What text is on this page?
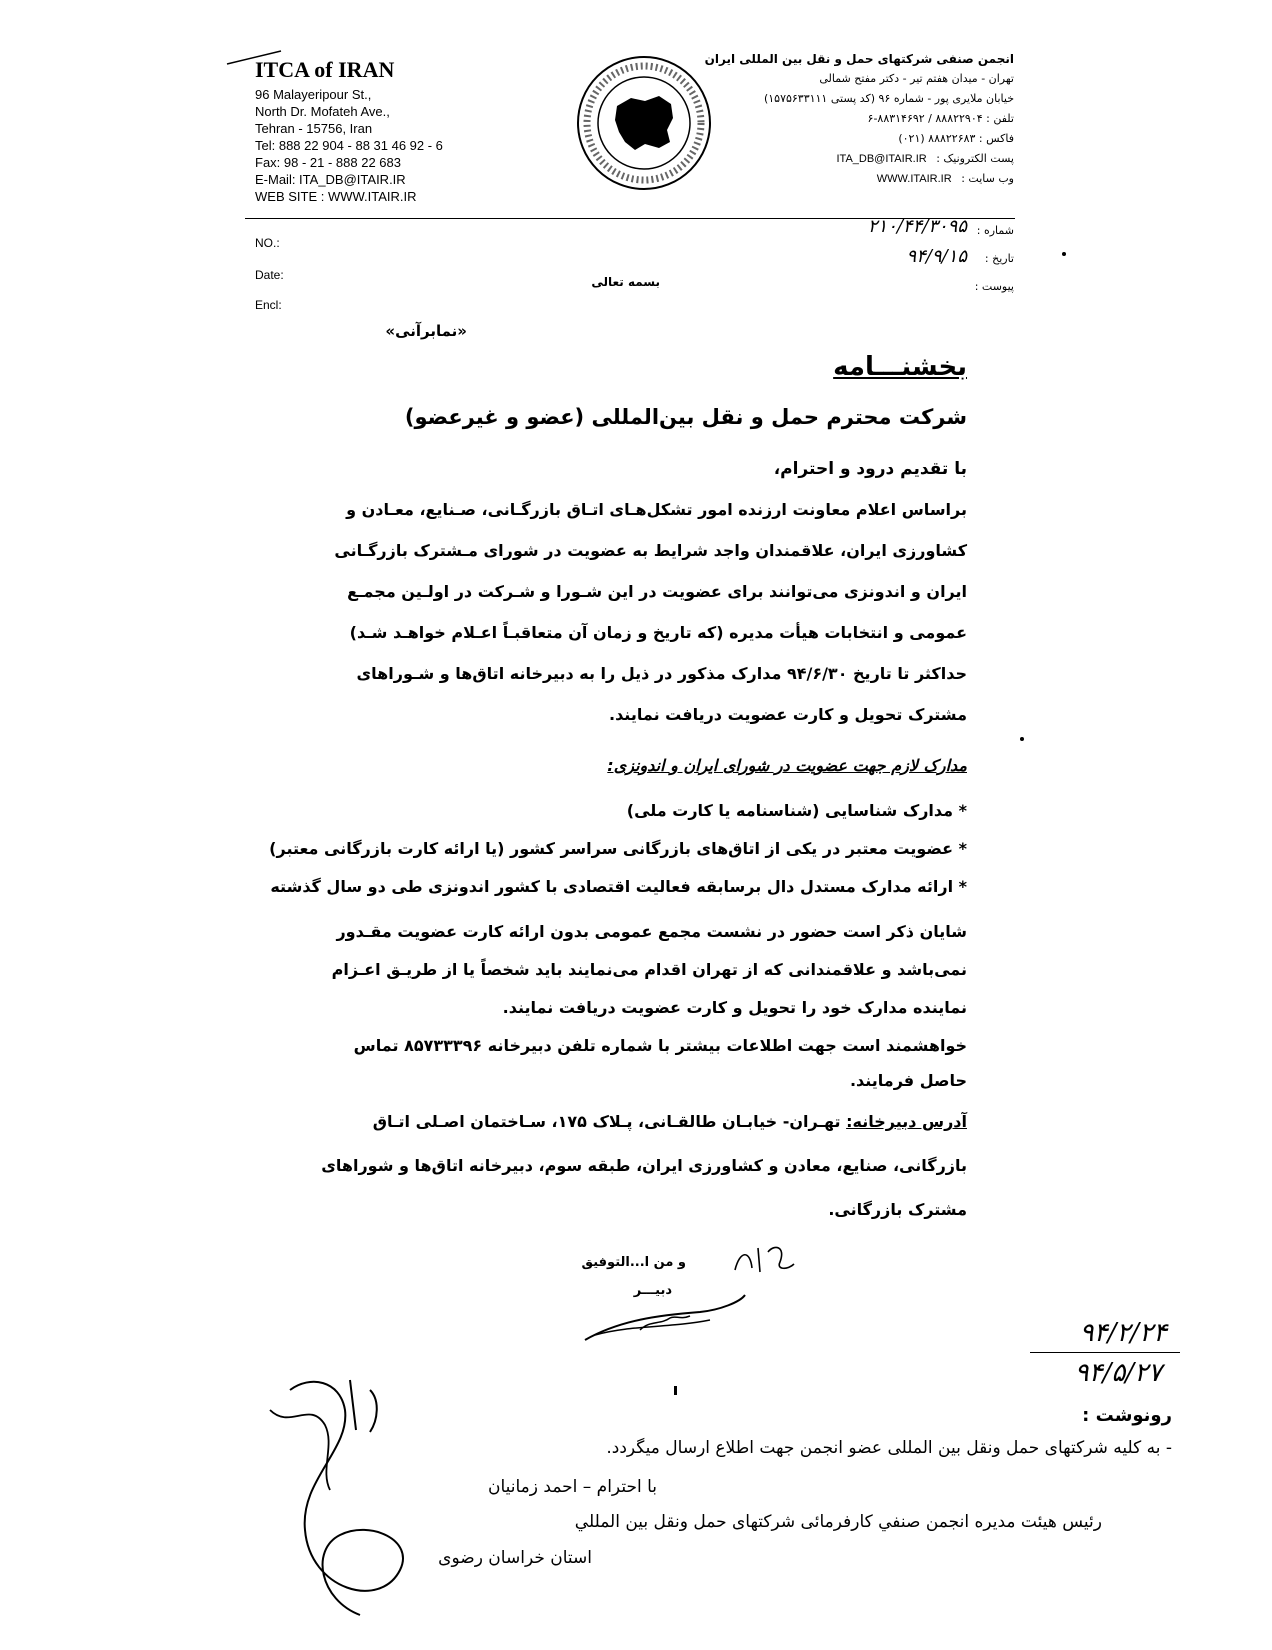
ITCA of IRAN
96 Malayeripour St.,
North Dr. Mofateh Ave.,
Tehran - 15756, Iran
Tel: 888 22 904 - 88 31 46 92 - 6
Fax: 98 - 21 - 888 22 683
E-Mail: ITA_DB@ITAIR.IR
WEB SITE : WWW.ITAIR.IR
انجمن صنفی شرکتهای حمل و نقل بین المللی ایران
تهران - میدان هفتم تیر - دکتر مفتح شمالی
خیابان ملایری پور - شماره ۹۶ (کد پستی ۱۵۷۵۶۳۳۱۱۱)
تلفن : ۸۸۸۲۲۹۰۴ / ۸۸۳۱۴۶۹۲-۶
فاکس : ۸۸۸۲۲۶۸۳ (۰۲۱)
پست الکترونیک : ITA_DB@ITAIR.IR
وب سایت : WWW.ITAIR.IR
NO.:
Date:
Encl:
شماره :
تاریخ :
پیوست :
۲۱۰/۴۴/۳۰۹۵
۹۴/۹/۱۵
بسمه تعالی
«نمابرآنی»
بخشنـــامه
شرکت محترم حمل و نقل بین‌المللی (عضو و غیرعضو)
با تقدیم درود و احترام،
براساس اعلام معاونت ارزنده امور تشکل‌هـای اتـاق بازرگـانی، صـنایع، معـادن و
کشاورزی ایران، علاقمندان واجد شرایط به عضویت در شورای مـشترک بازرگـانی
ایران و اندونزی می‌توانند برای عضویت در این شـورا و شـرکت در اولـین مجمـع
عمومی و انتخابات هیأت مدیره (که تاریخ و زمان آن متعاقبـاً اعـلام خواهـد شـد)
حداکثر تا تاریخ ۹۴/۶/۳۰ مدارک مذکور در ذیل را به دبیرخانه اتاق‌ها و شـوراهای
مشترک تحویل و کارت عضویت دریافت نمایند.
مدارک لازم جهت عضویت در شورای ایران و اندونزی:
* مدارک شناسایی (شناسنامه یا کارت ملی)
* عضویت معتبر در یکی از اتاق‌های بازرگانی سراسر کشور (یا ارائه کارت بازرگانی معتبر)
* ارائه مدارک مستدل دال برسابقه فعالیت اقتصادی با کشور اندونزی طی دو سال گذشته
شایان ذکر است حضور در نشست مجمع عمومی بدون ارائه کارت عضویت مقـدور
نمی‌باشد و علاقمندانی که از تهران اقدام می‌نمایند باید شخصاً یا از طریـق اعـزام
نماینده مدارک خود را تحویل و کارت عضویت دریافت نمایند.
خواهشمند است جهت اطلاعات بیشتر با شماره تلفن دبیرخانه ۸۵۷۳۳۳۹۶ تماس
حاصل فرمایند.
آدرس دبیرخانه: تهـران- خیابـان طالقـانی، پـلاک ۱۷۵، سـاختمان اصـلی اتـاق
بازرگانی، صنایع، معادن و کشاورزی ایران، طبقه سوم، دبیرخانه اتاق‌ها و شوراهای
مشترک بازرگانی.
و من ا...التوفیق
دبیـــر
۹۴/۲/۲۴
۹۴/۵/۲۷
رونوشت :
- به کلیه شرکتهای حمل ونقل بین المللی عضو انجمن جهت اطلاع ارسال میگردد.
با احترام – احمد زمانیان
رئیس هیئت مدیره انجمن صنفي کارفرمائی شرکتهای حمل ونقل بین المللي
استان خراسان رضوی
